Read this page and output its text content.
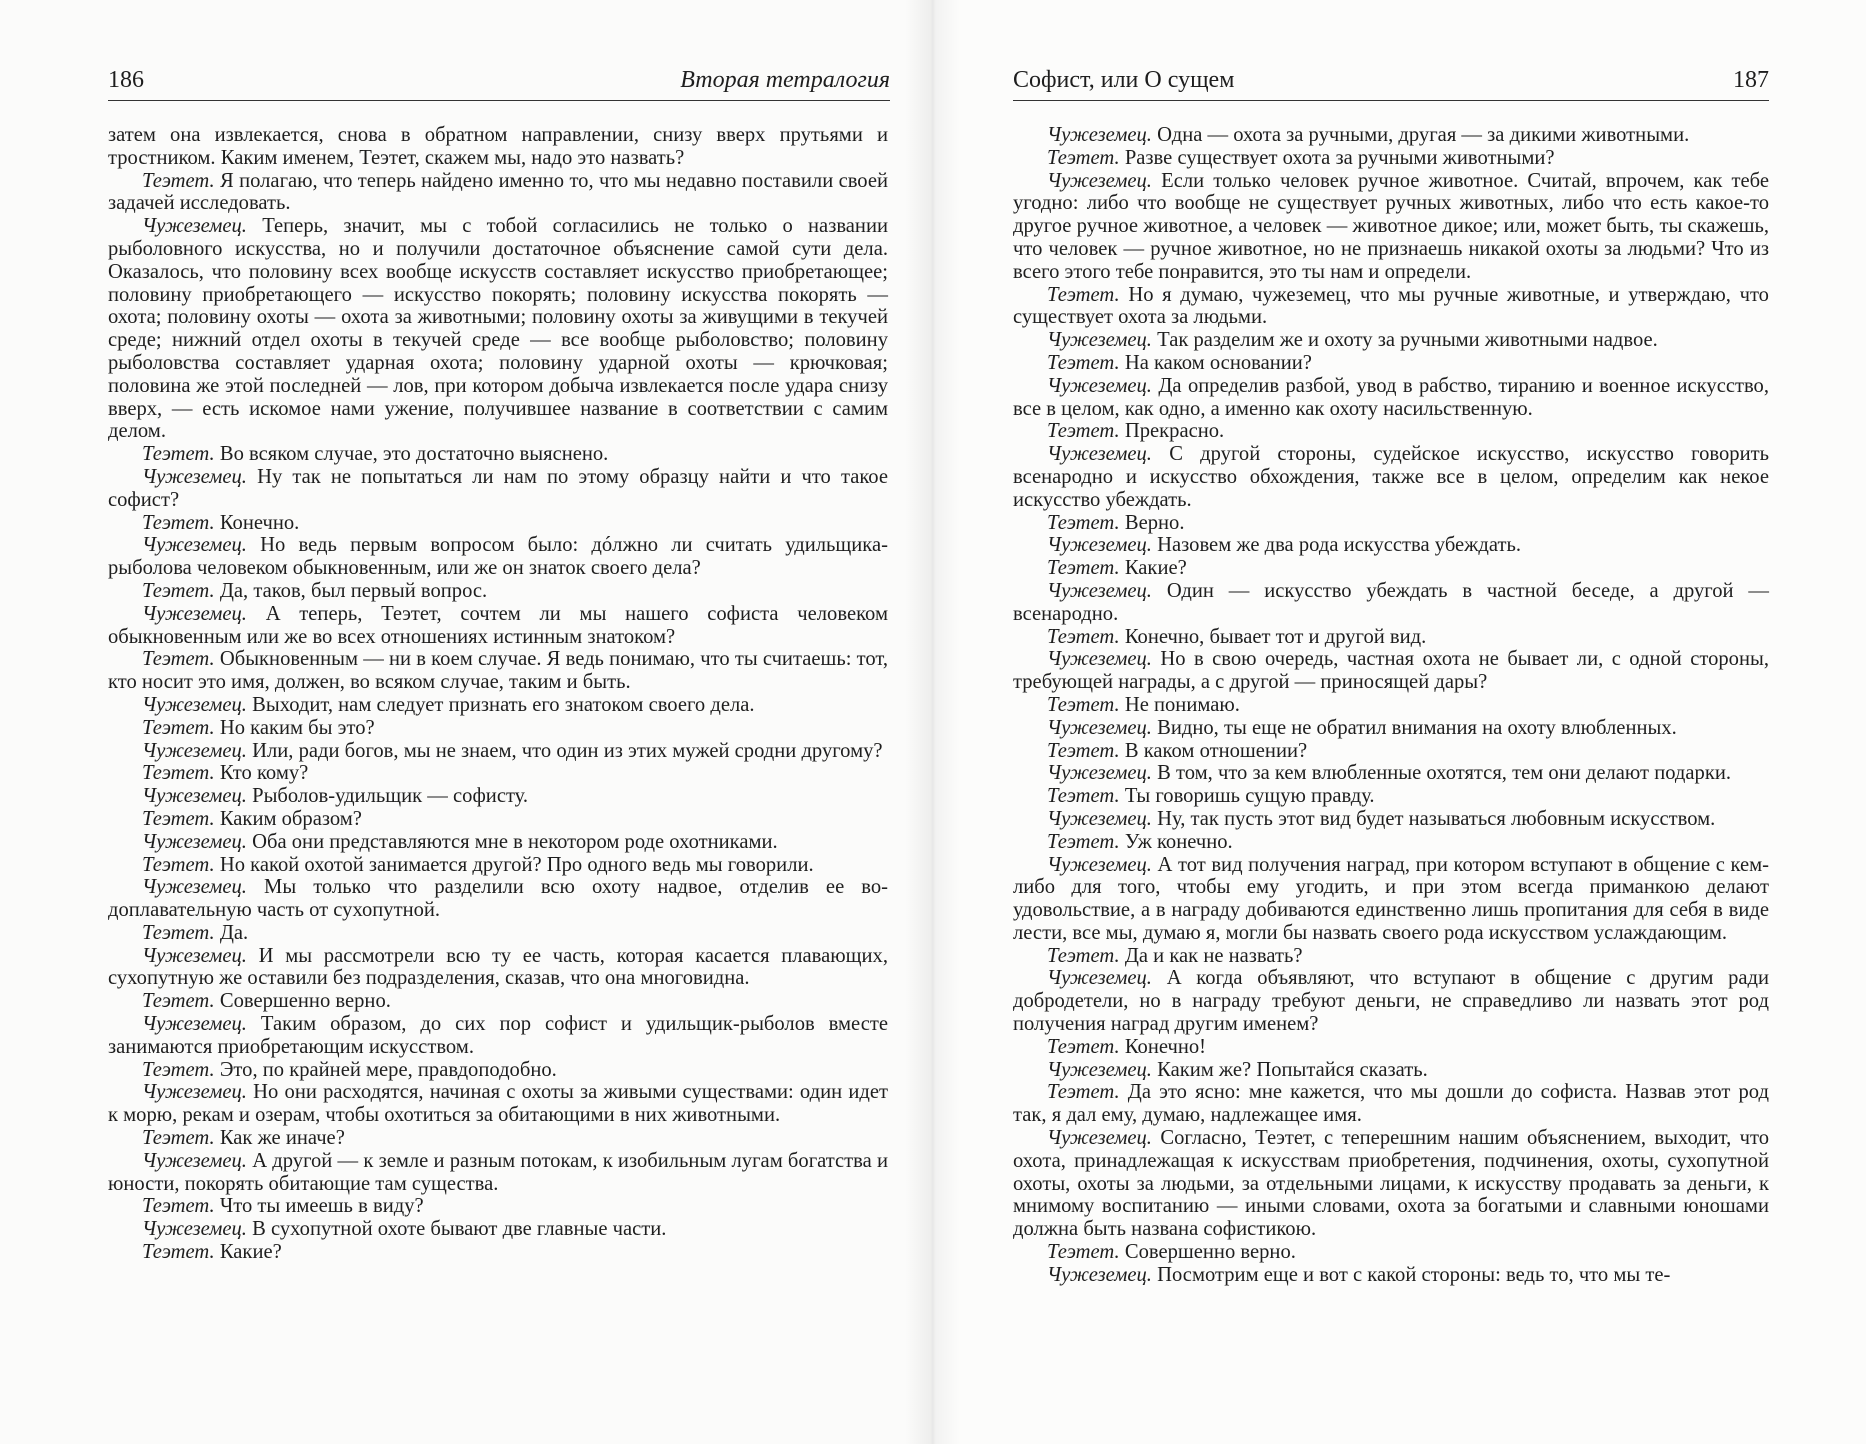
186	Вторая тетралогия

затем она извлекается, снова в обратном направлении, снизу вверх прутьями и тростником. Каким именем, Теэтет, скажем мы, надо это назвать?

Теэтет. Я полагаю, что теперь найдено именно то, что мы недавно поставили своей задачей исследовать.

Чужеземец. Теперь, значит, мы с тобой согласились не только о названии рыболовного искусства, но и получили достаточное объяснение самой сути дела. Оказалось, что половину всех вообще искусств составляет искусство приобретающее; половину приобретающего — искусство покорять; половину искусства покорять — охота; половину охоты — охота за животными; половину охоты за живущими в текучей среде; нижний отдел охоты в текучей среде — все вообще рыболовство; половину рыболовства составляет ударная охота; половину ударной охоты — крючковая; половина же этой последней — лов, при котором добыча извлекается после удара снизу вверх, — есть искомое нами ужение, получившее название в соответствии с самим делом.

Теэтет. Во всяком случае, это достаточно выяснено.

Чужеземец. Ну так не попытаться ли нам по этому образцу найти и что такое софист?

Теэтет. Конечно.

Чужеземец. Но ведь первым вопросом было: дóлжно ли считать удильщика-рыболова человеком обыкновенным, или же он знаток своего дела?

Теэтет. Да, таков, был первый вопрос.

Чужеземец. А теперь, Теэтет, сочтем ли мы нашего софиста человеком обыкновенным или же во всех отношениях истинным знатоком?

Теэтет. Обыкновенным — ни в коем случае. Я ведь понимаю, что ты считаешь: тот, кто носит это имя, должен, во всяком случае, таким и быть.

Чужеземец. Выходит, нам следует признать его знатоком своего дела.

Теэтет. Но каким бы это?

Чужеземец. Или, ради богов, мы не знаем, что один из этих мужей сродни другому?

Теэтет. Кто кому?

Чужеземец. Рыболов-удильщик — софисту.

Теэтет. Каким образом?

Чужеземец. Оба они представляются мне в некотором роде охотниками.

Теэтет. Но какой охотой занимается другой? Про одного ведь мы говорили.

Чужеземец. Мы только что разделили всю охоту надвое, отделив ее водоплавательную часть от сухопутной.

Теэтет. Да.

Чужеземец. И мы рассмотрели всю ту ее часть, которая касается плавающих, сухопутную же оставили без подразделения, сказав, что она многовидна.

Теэтет. Совершенно верно.

Чужеземец. Таким образом, до сих пор софист и удильщик-рыболов вместе занимаются приобретающим искусством.

Теэтет. Это, по крайней мере, правдоподобно.

Чужеземец. Но они расходятся, начиная с охоты за живыми существами: один идет к морю, рекам и озерам, чтобы охотиться за обитающими в них животными.

Теэтет. Как же иначе?

Чужеземец. А другой — к земле и разным потокам, к изобильным лугам богатства и юности, покорять обитающие там существа.

Теэтет. Что ты имеешь в виду?

Чужеземец. В сухопутной охоте бывают две главные части.

Теэтет. Какие?

Софист, или О сущем	187

Чужеземец. Одна — охота за ручными, другая — за дикими животными.

Теэтет. Разве существует охота за ручными животными?

Чужеземец. Если только человек ручное животное. Считай, впрочем, как тебе угодно: либо что вообще не существует ручных животных, либо что есть какое-то другое ручное животное, а человек — животное дикое; или, может быть, ты скажешь, что человек — ручное животное, но не признаешь никакой охоты за людьми? Что из всего этого тебе понравится, это ты нам и определи.

Теэтет. Но я думаю, чужеземец, что мы ручные животные, и утверждаю, что существует охота за людьми.

Чужеземец. Так разделим же и охоту за ручными животными надвое.

Теэтет. На каком основании?

Чужеземец. Да определив разбой, увод в рабство, тиранию и военное искусство, все в целом, как одно, а именно как охоту насильственную.

Теэтет. Прекрасно.

Чужеземец. С другой стороны, судейское искусство, искусство говорить всенародно и искусство обхождения, также все в целом, определим как некое искусство убеждать.

Теэтет. Верно.

Чужеземец. Назовем же два рода искусства убеждать.

Теэтет. Какие?

Чужеземец. Один — искусство убеждать в частной беседе, а другой — всенародно.

Теэтет. Конечно, бывает тот и другой вид.

Чужеземец. Но в свою очередь, частная охота не бывает ли, с одной стороны, требующей награды, а с другой — приносящей дары?

Теэтет. Не понимаю.

Чужеземец. Видно, ты еще не обратил внимания на охоту влюбленных.

Теэтет. В каком отношении?

Чужеземец. В том, что за кем влюбленные охотятся, тем они делают подарки.

Теэтет. Ты говоришь сущую правду.

Чужеземец. Ну, так пусть этот вид будет называться любовным искусством.

Теэтет. Уж конечно.

Чужеземец. А тот вид получения наград, при котором вступают в общение с кем-либо для того, чтобы ему угодить, и при этом всегда приманкою делают удовольствие, а в награду добиваются единственно лишь пропитания для себя в виде лести, все мы, думаю я, могли бы назвать своего рода искусством услаждающим.

Теэтет. Да и как не назвать?

Чужеземец. А когда объявляют, что вступают в общение с другим ради добродетели, но в награду требуют деньги, не справедливо ли назвать этот род получения наград другим именем?

Теэтет. Конечно!

Чужеземец. Каким же? Попытайся сказать.

Теэтет. Да это ясно: мне кажется, что мы дошли до софиста. Назвав этот род так, я дал ему, думаю, надлежащее имя.

Чужеземец. Согласно, Теэтет, с теперешним нашим объяснением, выходит, что охота, принадлежащая к искусствам приобретения, подчинения, охоты, сухопутной охоты, охоты за людьми, за отдельными лицами, к искусству продавать за деньги, к мнимому воспитанию — иными словами, охота за богатыми и славными юношами должна быть названа софистикою.

Теэтет. Совершенно верно.

Чужеземец. Посмотрим еще и вот с какой стороны: ведь то, что мы те-
